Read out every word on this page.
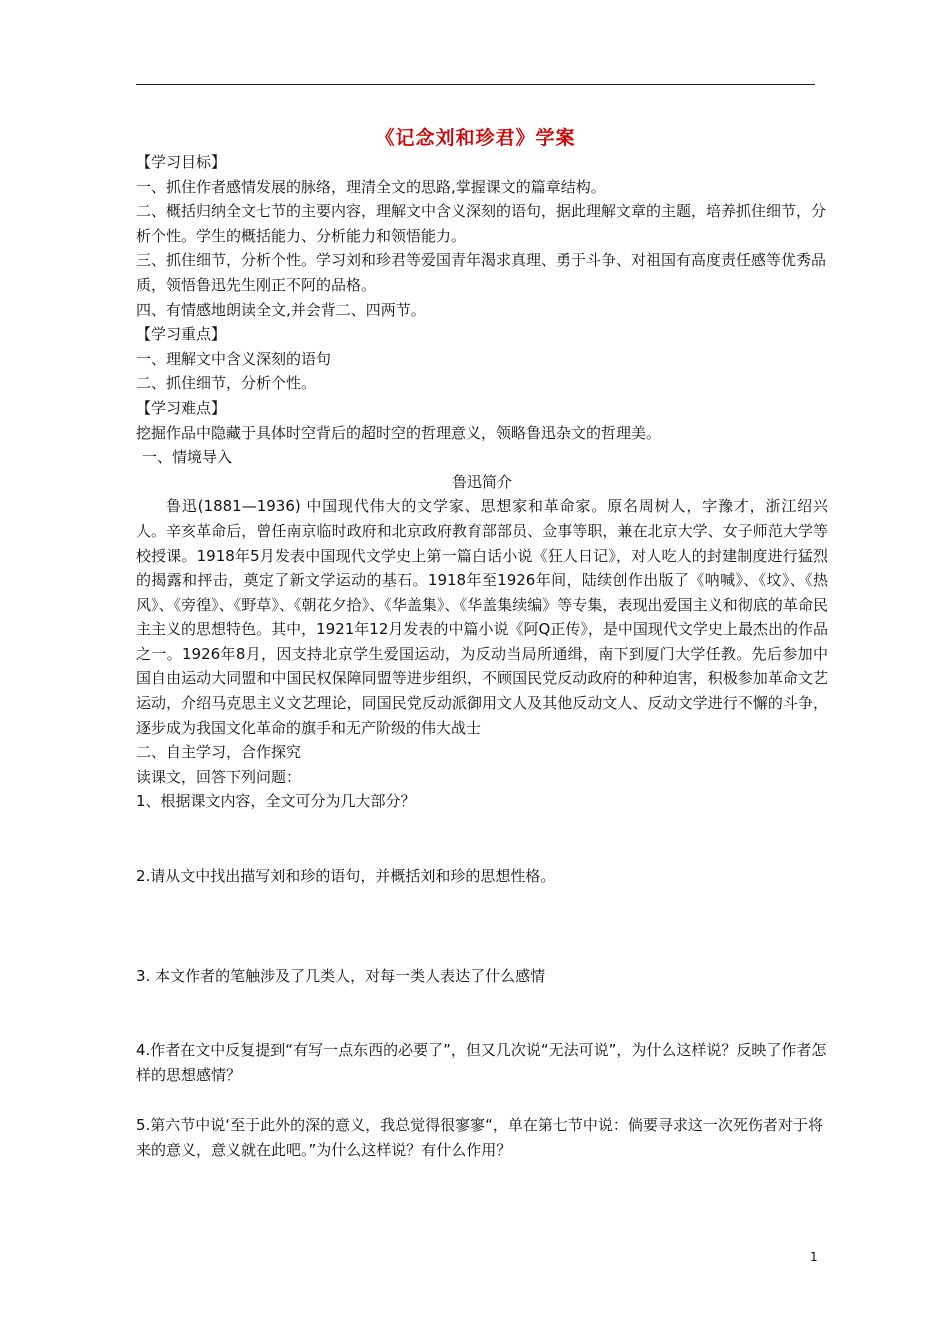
《记念刘和珍君》学案

【学习目标】

一、抓住作者感情发展的脉络，理清全文的思路,掌握课文的篇章结构。

二、概括归纳全文七节的主要内容，理解文中含义深刻的语句，据此理解文章的主题，培养抓住细节，分析个性。学生的概括能力、分析能力和领悟能力。

三、抓住细节，分析个性。学习刘和珍君等爱国青年渴求真理、勇于斗争、对祖国有高度责任感等优秀品质，领悟鲁迅先生刚正不阿的品格。

四、有情感地朗读全文,并会背二、四两节。

【学习重点】

一、理解文中含义深刻的语句

二、抓住细节，分析个性。

【学习难点】

挖掘作品中隐藏于具体时空背后的超时空的哲理意义，领略鲁迅杂文的哲理美。

一、情境导入

鲁迅简介

鲁迅(1881—1936) 中国现代伟大的文学家、思想家和革命家。原名周树人，字豫才，浙江绍兴人。辛亥革命后，曾任南京临时政府和北京政府教育部部员、佥事等职，兼在北京大学、女子师范大学等校授课。1918年5月发表中国现代文学史上第一篇白话小说《狂人日记》，对人吃人的封建制度进行猛烈的揭露和抨击，奠定了新文学运动的基石。1918年至1926年间，陆续创作出版了《呐喊》、《坟》、《热风》、《旁徨》、《野草》、《朝花夕拾》、《华盖集》、《华盖集续编》等专集，表现出爱国主义和彻底的革命民主主义的思想特色。其中，1921年12月发表的中篇小说《阿Q正传》，是中国现代文学史上最杰出的作品之一。1926年8月，因支持北京学生爱国运动，为反动当局所通缉，南下到厦门大学任教。先后参加中国自由运动大同盟和中国民权保障同盟等进步组织，不顾国民党反动政府的种种迫害，积极参加革命文艺运动，介绍马克思主义文艺理论，同国民党反动派御用文人及其他反动文人、反动文学进行不懈的斗争，逐步成为我国文化革命的旗手和无产阶级的伟大战士

二、自主学习，合作探究

读课文，回答下列问题：

1、根据课文内容，全文可分为几大部分？

2.请从文中找出描写刘和珍的语句，并概括刘和珍的思想性格。

3. 本文作者的笔触涉及了几类人，对每一类人表达了什么感情

4.作者在文中反复提到“有写一点东西的必要了”，但又几次说“无法可说”，为什么这样说？反映了作者怎样的思想感情？

5.第六节中说‘至于此外的深的意义，我总觉得很寥寥“，单在第七节中说：倘要寻求这一次死伤者对于将来的意义，意义就在此吧。”为什么这样说？有什么作用？

1
